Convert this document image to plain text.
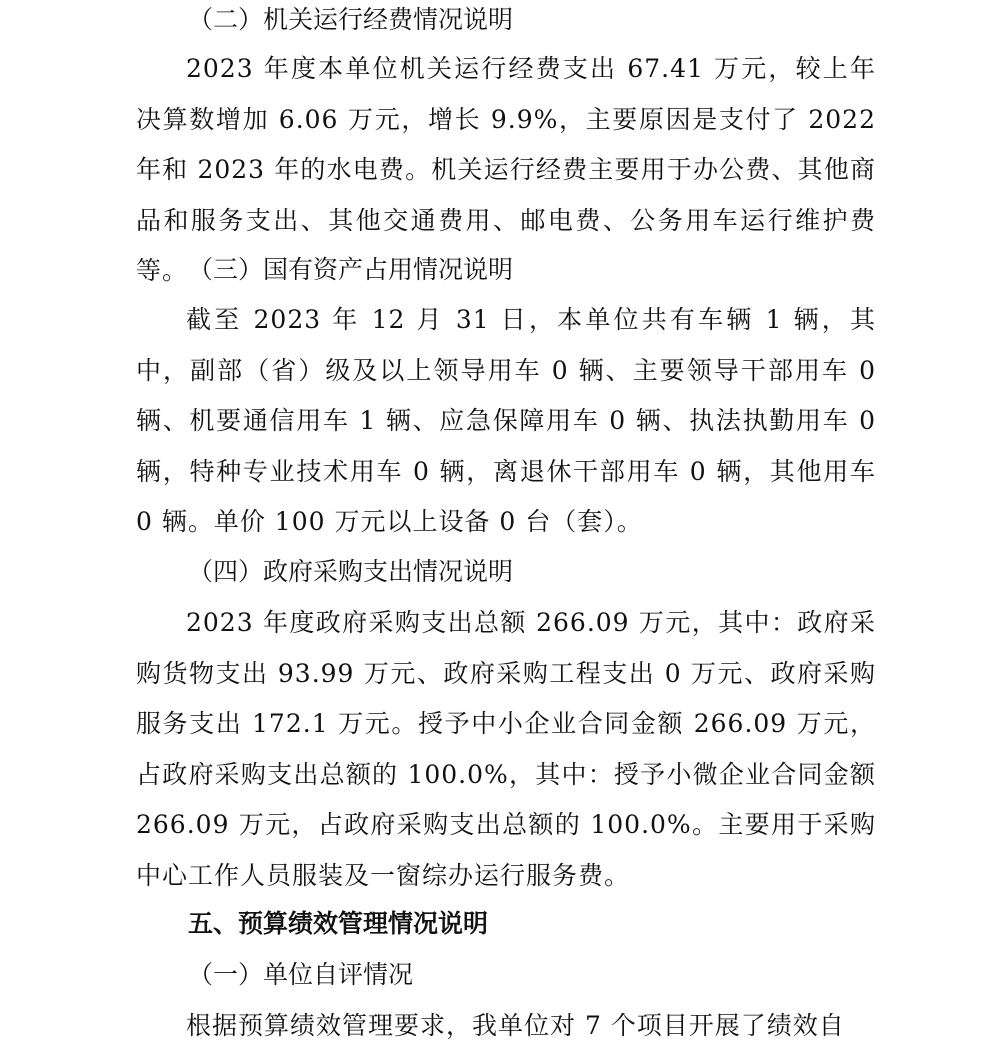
（二）机关运行经费情况说明

2023 年度本单位机关运行经费支出 67.41 万元，较上年决算数增加 6.06 万元，增长 9.9%，主要原因是支付了 2022 年和 2023 年的水电费。机关运行经费主要用于办公费、其他商品和服务支出、其他交通费用、邮电费、公务用车运行维护费等。 （三）国有资产占用情况说明

截至 2023 年 12 月 31 日，本单位共有车辆 1 辆，其中，副部（省）级及以上领导用车 0 辆、主要领导干部用车 0 辆、机要通信用车 1 辆、应急保障用车 0 辆、执法执勤用车 0 辆，特种专业技术用车 0 辆，离退休干部用车 0 辆，其他用车 0 辆。单价 100 万元以上设备 0 台（套）。

（四）政府采购支出情况说明

2023 年度政府采购支出总额 266.09 万元，其中：政府采购货物支出 93.99 万元、政府采购工程支出 0 万元、政府采购服务支出 172.1 万元。授予中小企业合同金额 266.09 万元，占政府采购支出总额的 100.0%，其中：授予小微企业合同金额 266.09 万元，占政府采购支出总额的 100.0%。主要用于采购中心工作人员服装及一窗综办运行服务费。

五、预算绩效管理情况说明
（一）单位自评情况

根据预算绩效管理要求，我单位对 7 个项目开展了绩效自
